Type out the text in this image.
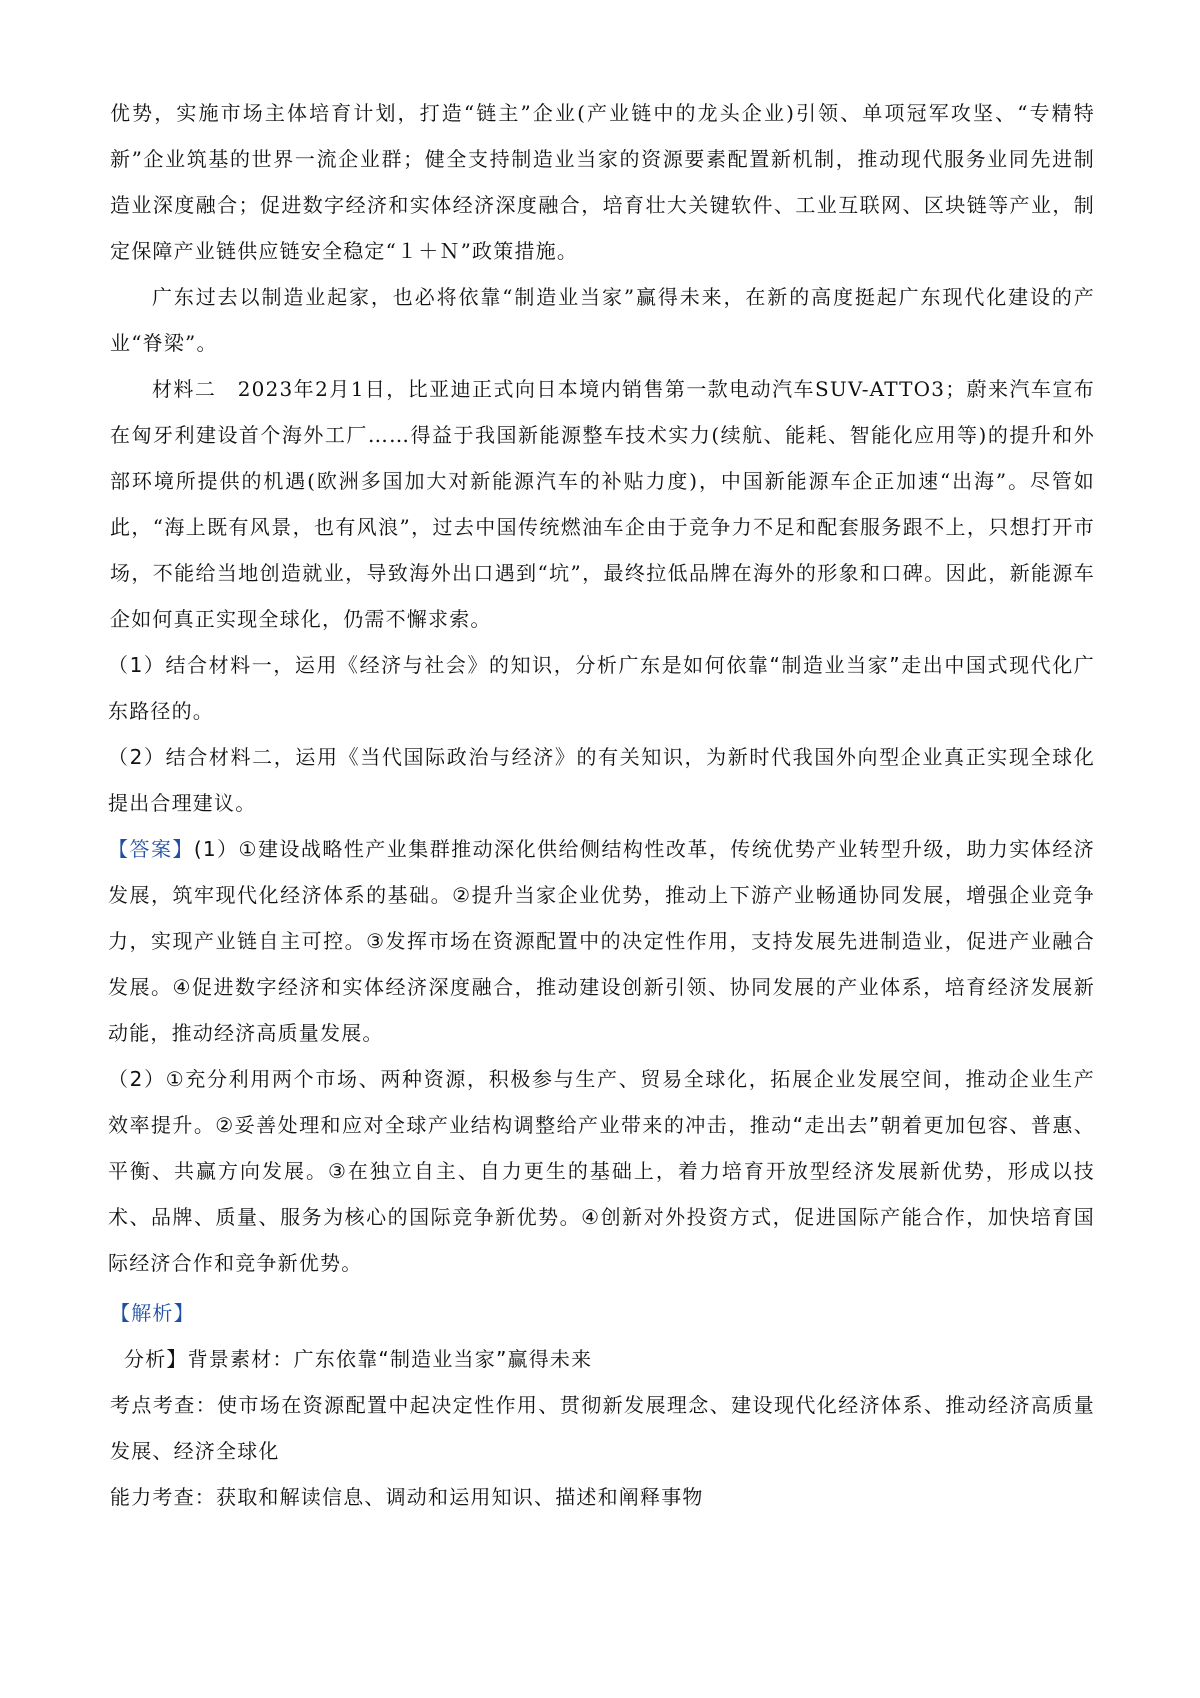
优势，实施市场主体培育计划，打造“链主”企业(产业链中的龙头企业)引领、单项冠军攻坚、“专精特新”企业筑基的世界一流企业群；健全支持制造业当家的资源要素配置新机制，推动现代服务业同先进制造业深度融合；促进数字经济和实体经济深度融合，培育壮大关键软件、工业互联网、区块链等产业，制定保障产业链供应链安全稳定“１＋Ｎ”政策措施。

广东过去以制造业起家，也必将依靠“制造业当家”赢得未来，在新的高度挺起广东现代化建设的产业“脊梁”。

材料二　2023年2月1日，比亚迪正式向日本境内销售第一款电动汽车SUV-ATTO3；蔚来汽车宣布在匈牙利建设首个海外工厂……得益于我国新能源整车技术实力(续航、能耗、智能化应用等)的提升和外部环境所提供的机遇(欧洲多国加大对新能源汽车的补贴力度)，中国新能源车企正加速“出海”。尽管如此，“海上既有风景，也有风浪”，过去中国传统燃油车企由于竞争力不足和配套服务跟不上，只想打开市场，不能给当地创造就业，导致海外出口遇到“坑”，最终拉低品牌在海外的形象和口碑。因此，新能源车企如何真正实现全球化，仍需不懈求索。

（1）结合材料一，运用《经济与社会》的知识，分析广东是如何依靠“制造业当家”走出中国式现代化广东路径的。

（2）结合材料二，运用《当代国际政治与经济》的有关知识，为新时代我国外向型企业真正实现全球化提出合理建议。

【答案】(1）①建设战略性产业集群推动深化供给侧结构性改革，传统优势产业转型升级，助力实体经济发展，筑牢现代化经济体系的基础。②提升当家企业优势，推动上下游产业畅通协同发展，增强企业竞争力，实现产业链自主可控。③发挥市场在资源配置中的决定性作用，支持发展先进制造业，促进产业融合发展。④促进数字经济和实体经济深度融合，推动建设创新引领、协同发展的产业体系，培育经济发展新动能，推动经济高质量发展。

（2）①充分利用两个市场、两种资源，积极参与生产、贸易全球化，拓展企业发展空间，推动企业生产效率提升。②妥善处理和应对全球产业结构调整给产业带来的冲击，推动“走出去”朝着更加包容、普惠、平衡、共赢方向发展。③在独立自主、自力更生的基础上，着力培育开放型经济发展新优势，形成以技术、品牌、质量、服务为核心的国际竞争新优势。④创新对外投资方式，促进国际产能合作，加快培育国际经济合作和竞争新优势。

【解析】

分析】背景素材：广东依靠“制造业当家”赢得未来

考点考查：使市场在资源配置中起决定性作用、贯彻新发展理念、建设现代化经济体系、推动经济高质量发展、经济全球化

能力考查：获取和解读信息、调动和运用知识、描述和阐释事物
